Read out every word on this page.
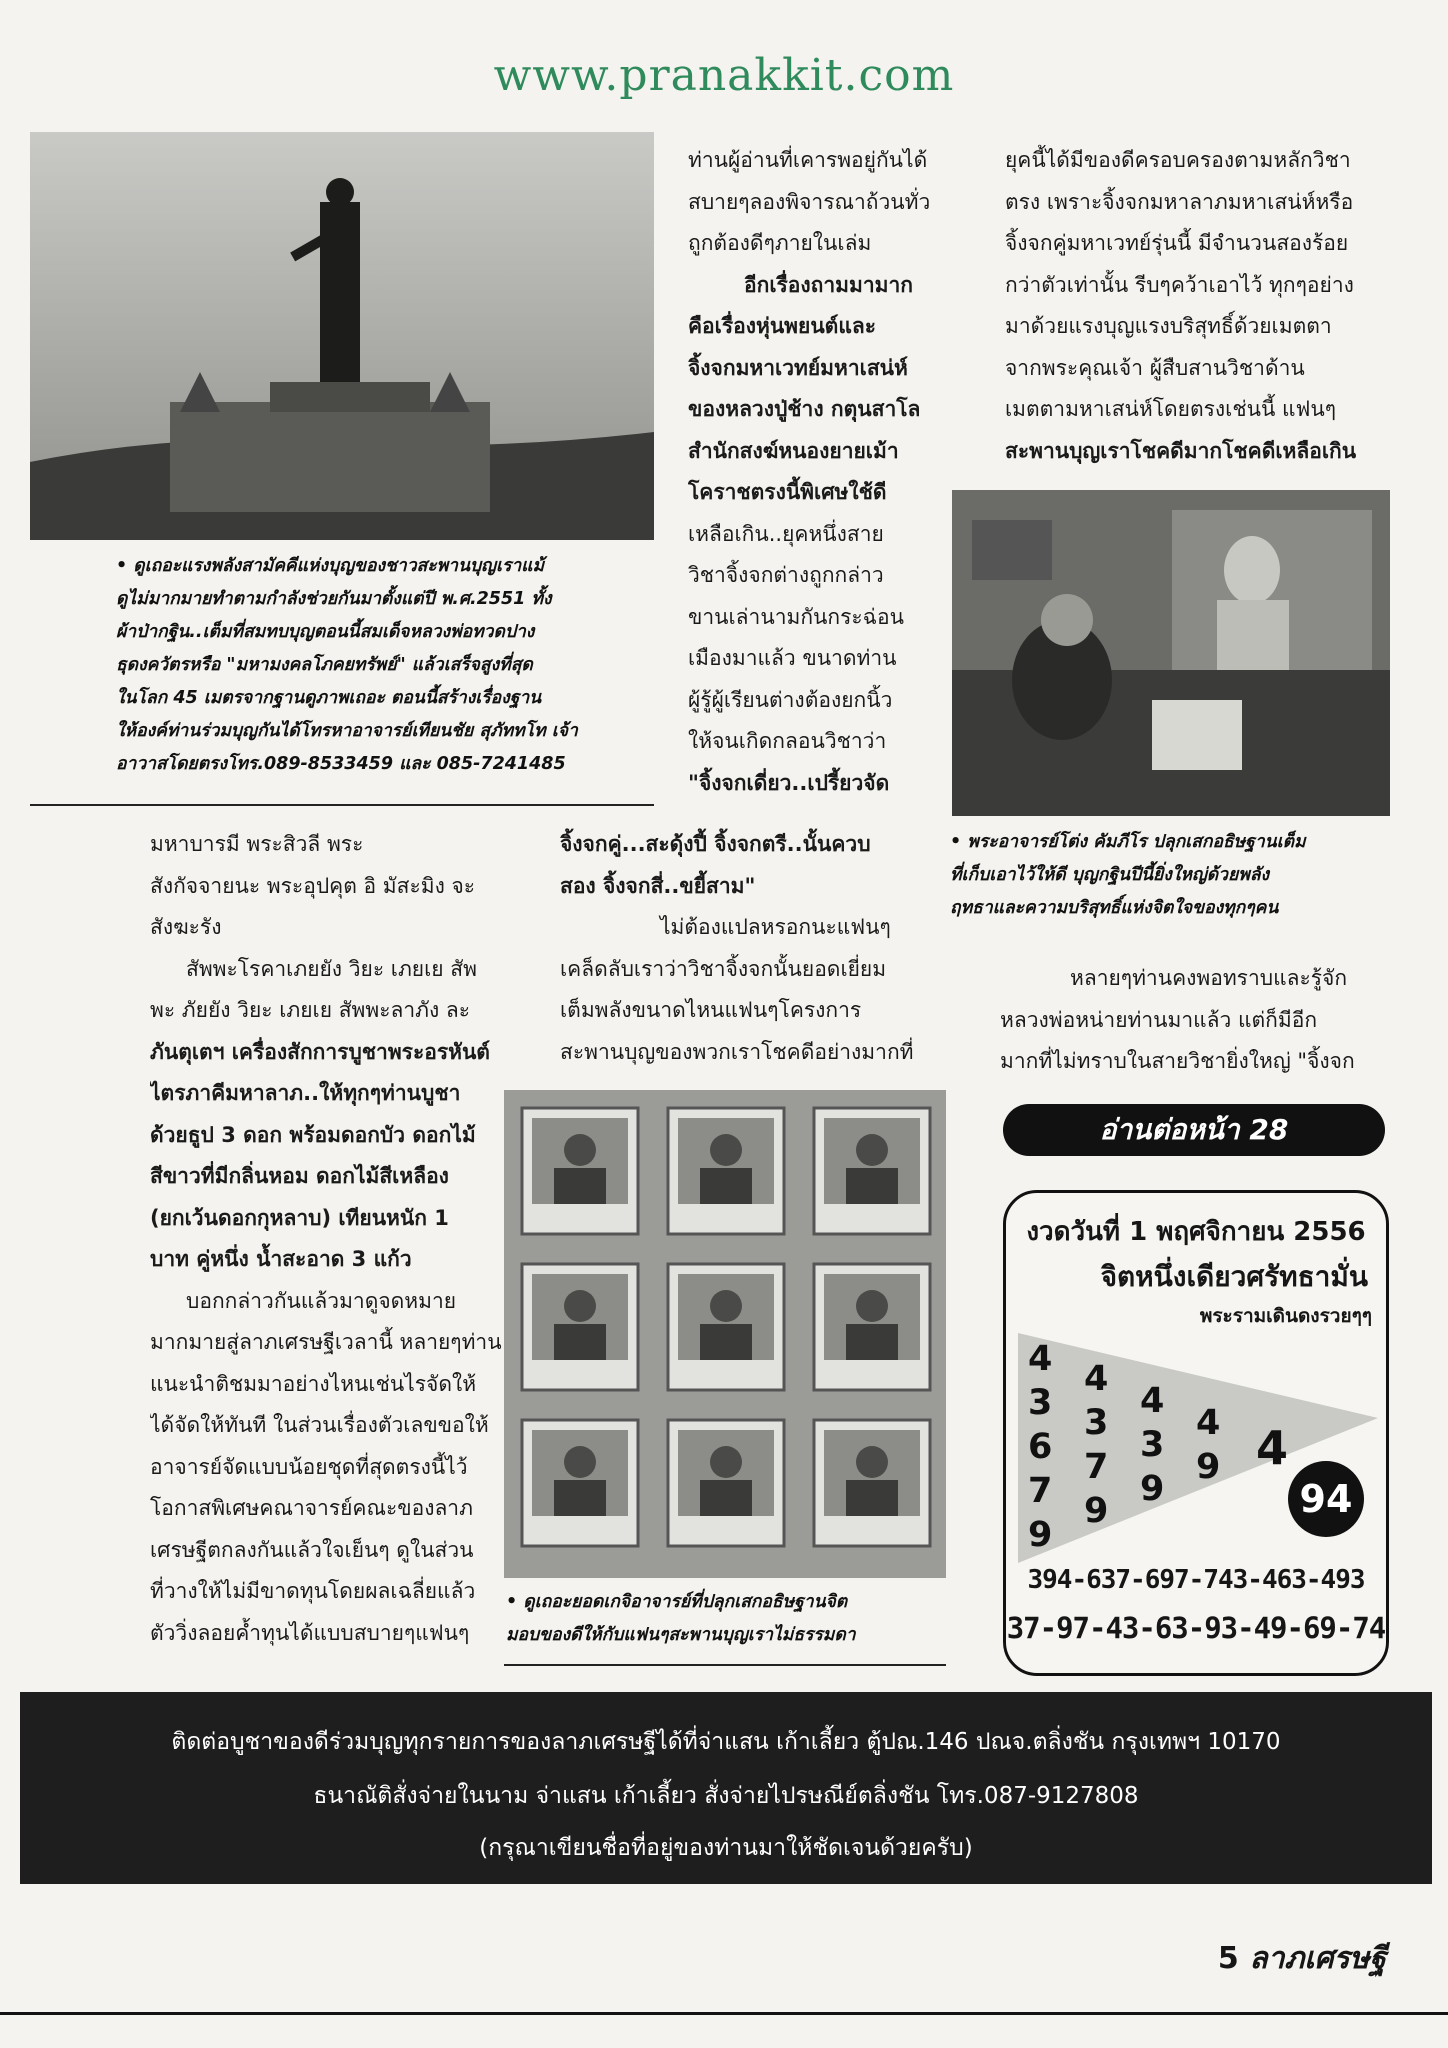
www.pranakkit.com

• ดูเถอะแรงพลังสามัคคีแห่งบุญของชาวสะพานบุญเราแม้

ดูไม่มากมายทำตามกำลังช่วยกันมาตั้งแต่ปี พ.ศ.2551 ทั้ง

ผ้าป่ากฐิน..เต็มที่สมทบบุญตอนนี้สมเด็จหลวงพ่อทวดปาง

ธุดงควัตรหรือ "มหามงคลโภคยทรัพย์" แล้วเสร็จสูงที่สุด

ในโลก 45 เมตรจากฐานดูภาพเถอะ ตอนนี้สร้างเรื่องฐาน

ให้องค์ท่านร่วมบุญกันได้โทรหาอาจารย์เทียนชัย สุภัททโท เจ้า

อาวาสโดยตรงโทร.089-8533459 และ 085-7241485

ท่านผู้อ่านที่เคารพอยู่กันได้

สบายๆลองพิจารณาถ้วนทั่ว

ถูกต้องดีๆภายในเล่ม

อีกเรื่องถามมามาก

คือเรื่องหุ่นพยนต์และ

จิ้งจกมหาเวทย์มหาเสน่ห์

ของหลวงปู่ช้าง กตุนสาโล

สำนักสงฆ์หนองยายเม้า

โคราชตรงนี้พิเศษใช้ดี

เหลือเกิน..ยุคหนึ่งสาย

วิชาจิ้งจกต่างถูกกล่าว

ขานเล่านามกันกระฉ่อน

เมืองมาแล้ว ขนาดท่าน

ผู้รู้ผู้เรียนต่างต้องยกนิ้ว

ให้จนเกิดกลอนวิชาว่า

"จิ้งจกเดี่ยว..เปรี้ยวจัด

จิ้งจกคู่...สะดุ้งปี้ จิ้งจกตรี..นั้นควบ

สอง จิ้งจกสี่..ขยี้สาม"

ไม่ต้องแปลหรอกนะแฟนๆ

เคล็ดลับเราว่าวิชาจิ้งจกนั้นยอดเยี่ยม

เต็มพลังขนาดไหนแฟนๆโครงการ

สะพานบุญของพวกเราโชคดีอย่างมากที่

ยุคนี้ได้มีของดีครอบครองตามหลักวิชา

ตรง เพราะจิ้งจกมหาลาภมหาเสน่ห์หรือ

จิ้งจกคู่มหาเวทย์รุ่นนี้ มีจำนวนสองร้อย

กว่าตัวเท่านั้น รีบๆคว้าเอาไว้ ทุกๆอย่าง

มาด้วยแรงบุญแรงบริสุทธิ์ด้วยเมตตา

จากพระคุณเจ้า ผู้สืบสานวิชาด้าน

เมตตามหาเสน่ห์โดยตรงเช่นนี้ แฟนๆ

สะพานบุญเราโชคดีมากโชคดีเหลือเกิน

• พระอาจารย์โต่ง คัมภีโร ปลุกเสกอธิษฐานเต็ม

ที่เก็บเอาไว้ให้ดี บุญกฐินปีนี้ยิ่งใหญ่ด้วยพลัง

ฤทธาและความบริสุทธิ์แห่งจิตใจของทุกๆคน

หลายๆท่านคงพอทราบและรู้จัก

หลวงพ่อหน่ายท่านมาแล้ว แต่ก็มีอีก

มากที่ไม่ทราบในสายวิชายิ่งใหญ่ "จิ้งจก

อ่านต่อหน้า 28
งวดวันที่ 1 พฤศจิกายน 2556
จิตหนึ่งเดียวศรัทธามั่น
พระรามเดินดงรวยๆๆ
4
3
6
7
9
4
3
7
9
4
3
9
4
9 4
94
394-637-697-743-463-493
37-97-43-63-93-49-69-74

มหาบารมี พระสิวลี พระ

สังกัจจายนะ พระอุปคุต อิ มัสะมิง จะ

สังฆะรัง

สัพพะโรคาเภยยัง วิยะ เภยเย สัพ

พะ ภัยยัง วิยะ เภยเย สัพพะลาภัง ละ

ภันตุเตฯ เครื่องสักการบูชาพระอรหันต์

ไตรภาคีมหาลาภ..ให้ทุกๆท่านบูชา

ด้วยธูป 3 ดอก พร้อมดอกบัว ดอกไม้

สีขาวที่มีกลิ่นหอม ดอกไม้สีเหลือง

(ยกเว้นดอกกุหลาบ) เทียนหนัก 1

บาท คู่หนึ่ง น้ำสะอาด 3 แก้ว

บอกกล่าวกันแล้วมาดูจดหมาย

มากมายสู่ลาภเศรษฐีเวลานี้ หลายๆท่าน

แนะนำติชมมาอย่างไหนเช่นไรจัดให้

ได้จัดให้ทันที ในส่วนเรื่องตัวเลขขอให้

อาจารย์จัดแบบน้อยชุดที่สุดตรงนี้ไว้

โอกาสพิเศษคณาจารย์คณะของลาภ

เศรษฐีตกลงกันแล้วใจเย็นๆ ดูในส่วน

ที่วางให้ไม่มีขาดทุนโดยผลเฉลี่ยแล้ว

ตัววิ่งลอยค้ำทุนได้แบบสบายๆแฟนๆ

• ดูเถอะยอดเกจิอาจารย์ที่ปลุกเสกอธิษฐานจิต

มอบของดีให้กับแฟนๆสะพานบุญเราไม่ธรรมดา

ติดต่อบูชาของดีร่วมบุญทุกรายการของลาภเศรษฐีได้ที่จ่าแสน เก้าเลี้ยว ตู้ปณ.146 ปณจ.ตลิ่งชัน กรุงเทพฯ 10170
ธนาณัติสั่งจ่ายในนาม จ่าแสน เก้าเลี้ยว สั่งจ่ายไปรษณีย์ตลิ่งชัน โทร.087-9127808
(กรุณาเขียนชื่อที่อยู่ของท่านมาให้ชัดเจนด้วยครับ)
5 ลาภเศรษฐี
